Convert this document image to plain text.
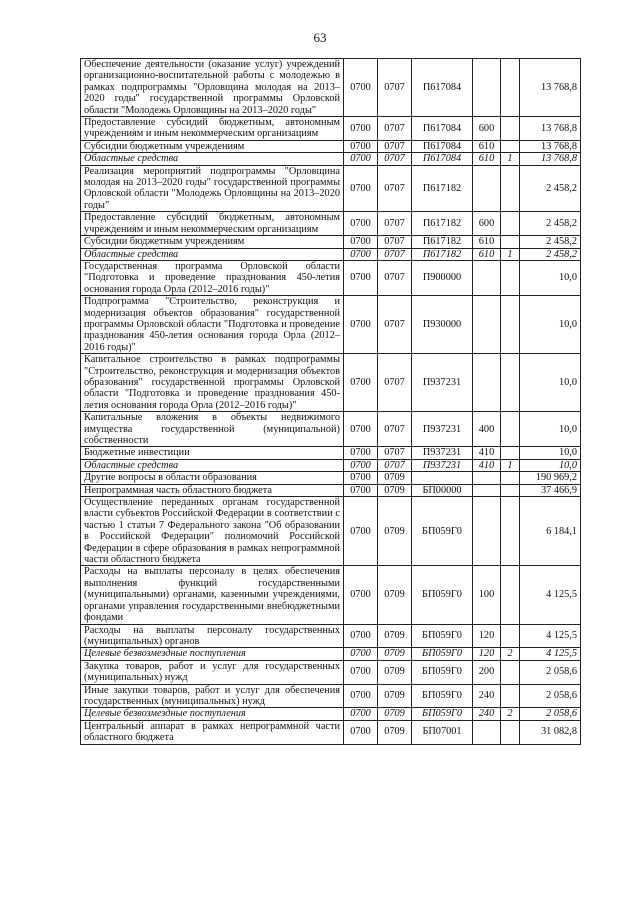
63
Обеспечение деятельности (оказание услуг) учреждений организационно-воспитательной работы с молодежью в рамках подпрограммы "Орловщина молодая на 2013–2020 годы" государственной программы Орловской области "Молодежь Орловщины на 2013–2020 годы"	0700	0707	П617084			13 768,8
Предоставление субсидий бюджетным, автономным учреждениям и иным некоммерческим организациям	0700	0707	П617084	600		13 768,8
Субсидии бюджетным учреждениям	0700	0707	П617084	610		13 768,8
Областные средства	0700	0707	П617084	610	1	13 768,8
Реализация мероприятий подпрограммы "Орловщина молодая на 2013–2020 годы" государственной программы Орловской области "Молодежь Орловщины на 2013–2020 годы"	0700	0707	П617182			2 458,2
Предоставление субсидий бюджетным, автономным учреждениям и иным некоммерческим организациям	0700	0707	П617182	600		2 458,2
Субсидии бюджетным учреждениям	0700	0707	П617182	610		2 458,2
Областные средства	0700	0707	П617182	610	1	2 458,2
Государственная программа Орловской области "Подготовка и проведение празднования 450-летия основания города Орла (2012–2016 годы)"	0700	0707	П900000			10,0
Подпрограмма "Строительство, реконструкция и модернизация объектов образования" государственной программы Орловской области "Подготовка и проведение празднования 450-летия основания города Орла (2012–2016 годы)"	0700	0707	П930000			10,0
Капитальное строительство в рамках подпрограммы "Строительство, реконструкция и модернизация объектов образования" государственной программы Орловской области "Подготовка и проведение празднования 450-летия основания города Орла (2012–2016 годы)"	0700	0707	П937231			10,0
Капитальные вложения в объекты недвижимого имущества государственной (муниципальной) собственности	0700	0707	П937231	400		10,0
Бюджетные инвестиции	0700	0707	П937231	410		10,0
Областные средства	0700	0707	П937231	410	1	10,0
Другие вопросы в области образования	0700	0709				190 969,2
Непрограммная часть областного бюджета	0700	0709	БП00000			37 466,9
Осуществление переданных органам государственной власти субъектов Российской Федерации в соответствии с частью 1 статьи 7 Федерального закона "Об образовании в Российской Федерации" полномочий Российской Федерации в сфере образования в рамках непрограммной части областного бюджета	0700	0709	БП059Г0			6 184,1
Расходы на выплаты персоналу в целях обеспечения выполнения функций государственными (муниципальными) органами, казенными учреждениями, органами управления государственными внебюджетными фондами	0700	0709	БП059Г0	100		4 125,5
Расходы на выплаты персоналу государственных (муниципальных) органов	0700	0709	БП059Г0	120		4 125,5
Целевые безвозмездные поступления	0700	0709	БП059Г0	120	2	4 125,5
Закупка товаров, работ и услуг для государственных (муниципальных) нужд	0700	0709	БП059Г0	200		2 058,6
Иные закупки товаров, работ и услуг для обеспечения государственных (муниципальных) нужд	0700	0709	БП059Г0	240		2 058,6
Целевые безвозмездные поступления	0700	0709	БП059Г0	240	2	2 058,6
Центральный аппарат в рамках непрограммной части областного бюджета	0700	0709	БП07001			31 082,8
